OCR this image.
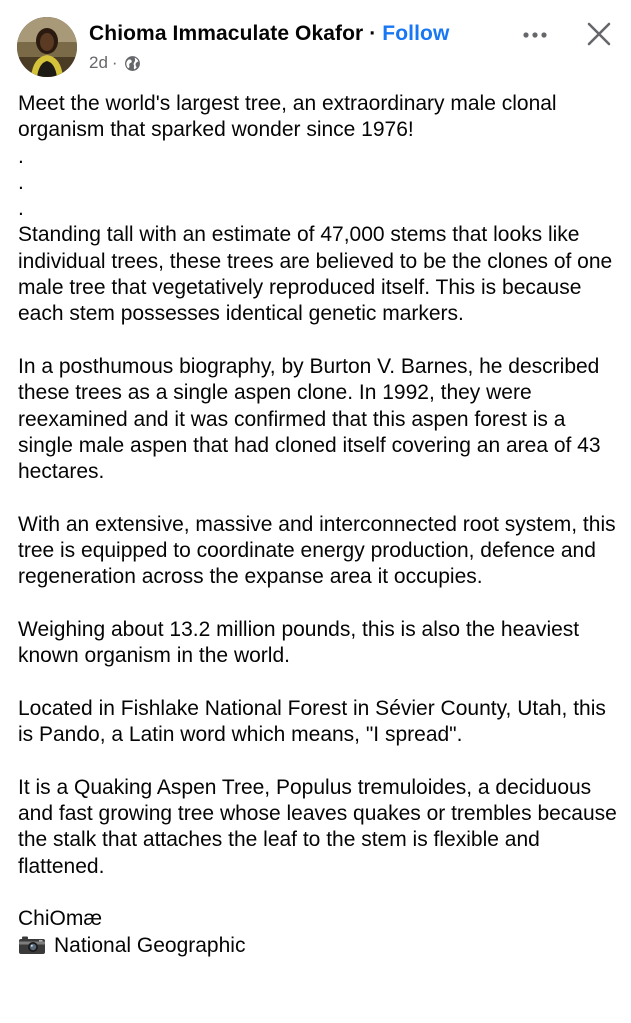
Chioma Immaculate Okafor · Follow
2d ·

Meet the world's largest tree, an extraordinary male clonal organism that sparked wonder since 1976!

.

.

.

Standing tall with an estimate of 47,000 stems that looks like individual trees, these trees are believed to be the clones of one male tree that vegetatively reproduced itself. This is because each stem possesses identical genetic markers.

In a posthumous biography, by Burton V. Barnes, he described these trees as a single aspen clone. In 1992, they were reexamined and it was confirmed that this aspen forest is a single male aspen that had cloned itself covering an area of 43 hectares.

With an extensive, massive and interconnected root system, this tree is equipped to coordinate energy production, defence and regeneration across the expanse area it occupies.

Weighing about 13.2 million pounds, this is also the heaviest known organism in the world.

Located in Fishlake National Forest in Sévier County, Utah, this is Pando, a Latin word which means, "I spread".

It is a Quaking Aspen Tree, Populus tremuloides, a deciduous and fast growing tree whose leaves quakes or trembles because the stalk that attaches the leaf to the stem is flexible and flattened.

ChiOmæ

National Geographic
